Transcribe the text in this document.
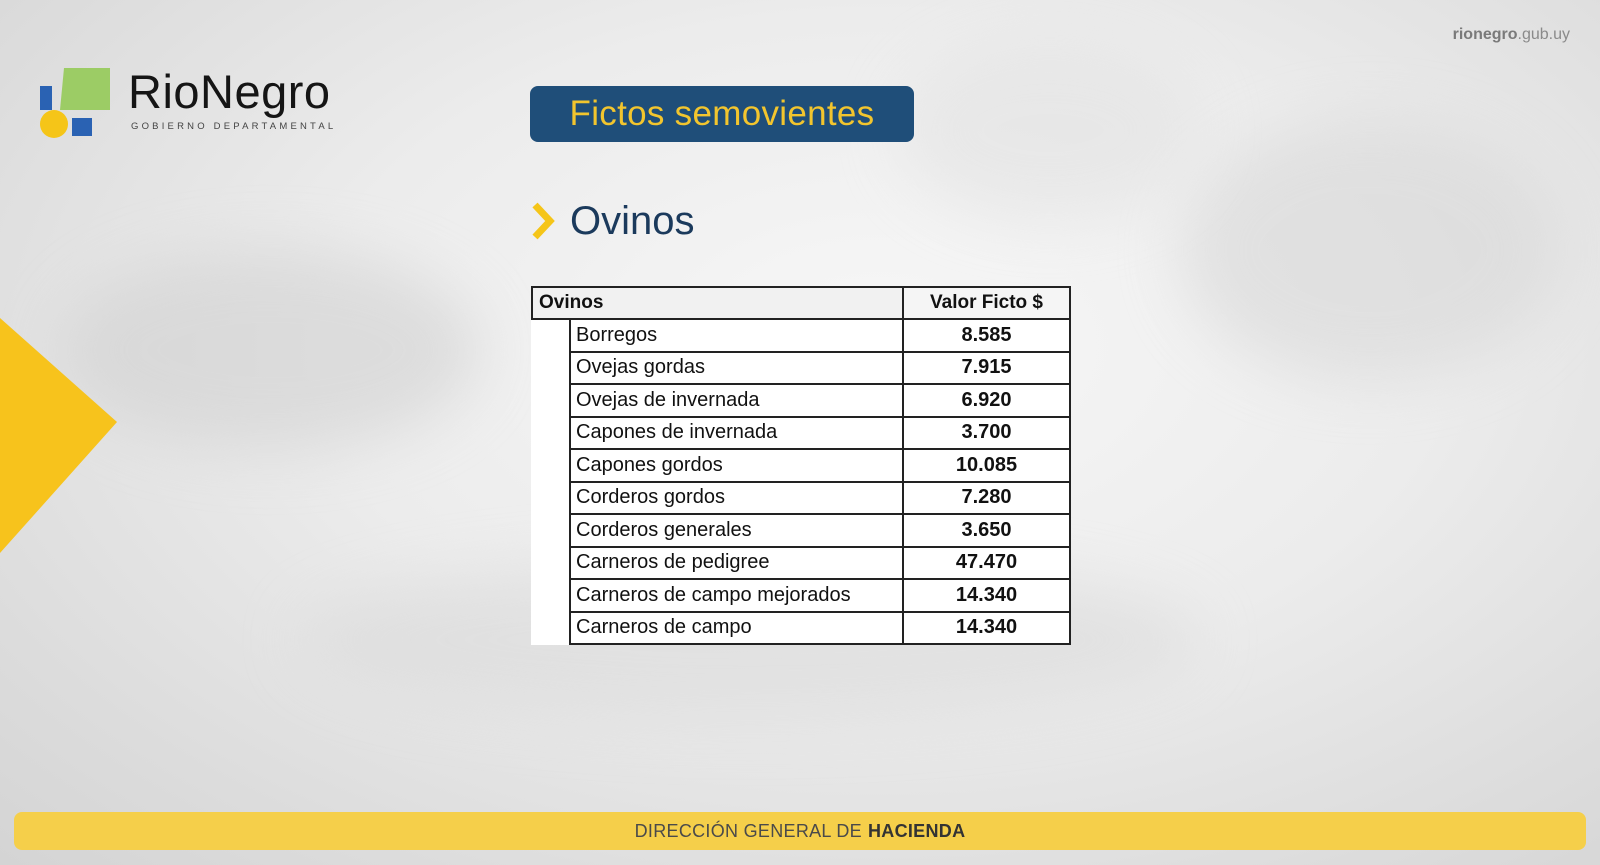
rionegro.gub.uy
RioNegro
GOBIERNO DEPARTAMENTAL	Fictos semovientes
Ovinos
Ovinos	Valor Ficto $
Borregos	8.585
Ovejas gordas	7.915
Ovejas de invernada	6.920
Capones de invernada	3.700
Capones gordos	10.085
Corderos gordos	7.280
Corderos generales	3.650
Carneros de pedigree	47.470
Carneros de campo mejorados	14.340
Carneros de campo	14.340
DIRECCIÓN GENERAL DE HACIENDA
